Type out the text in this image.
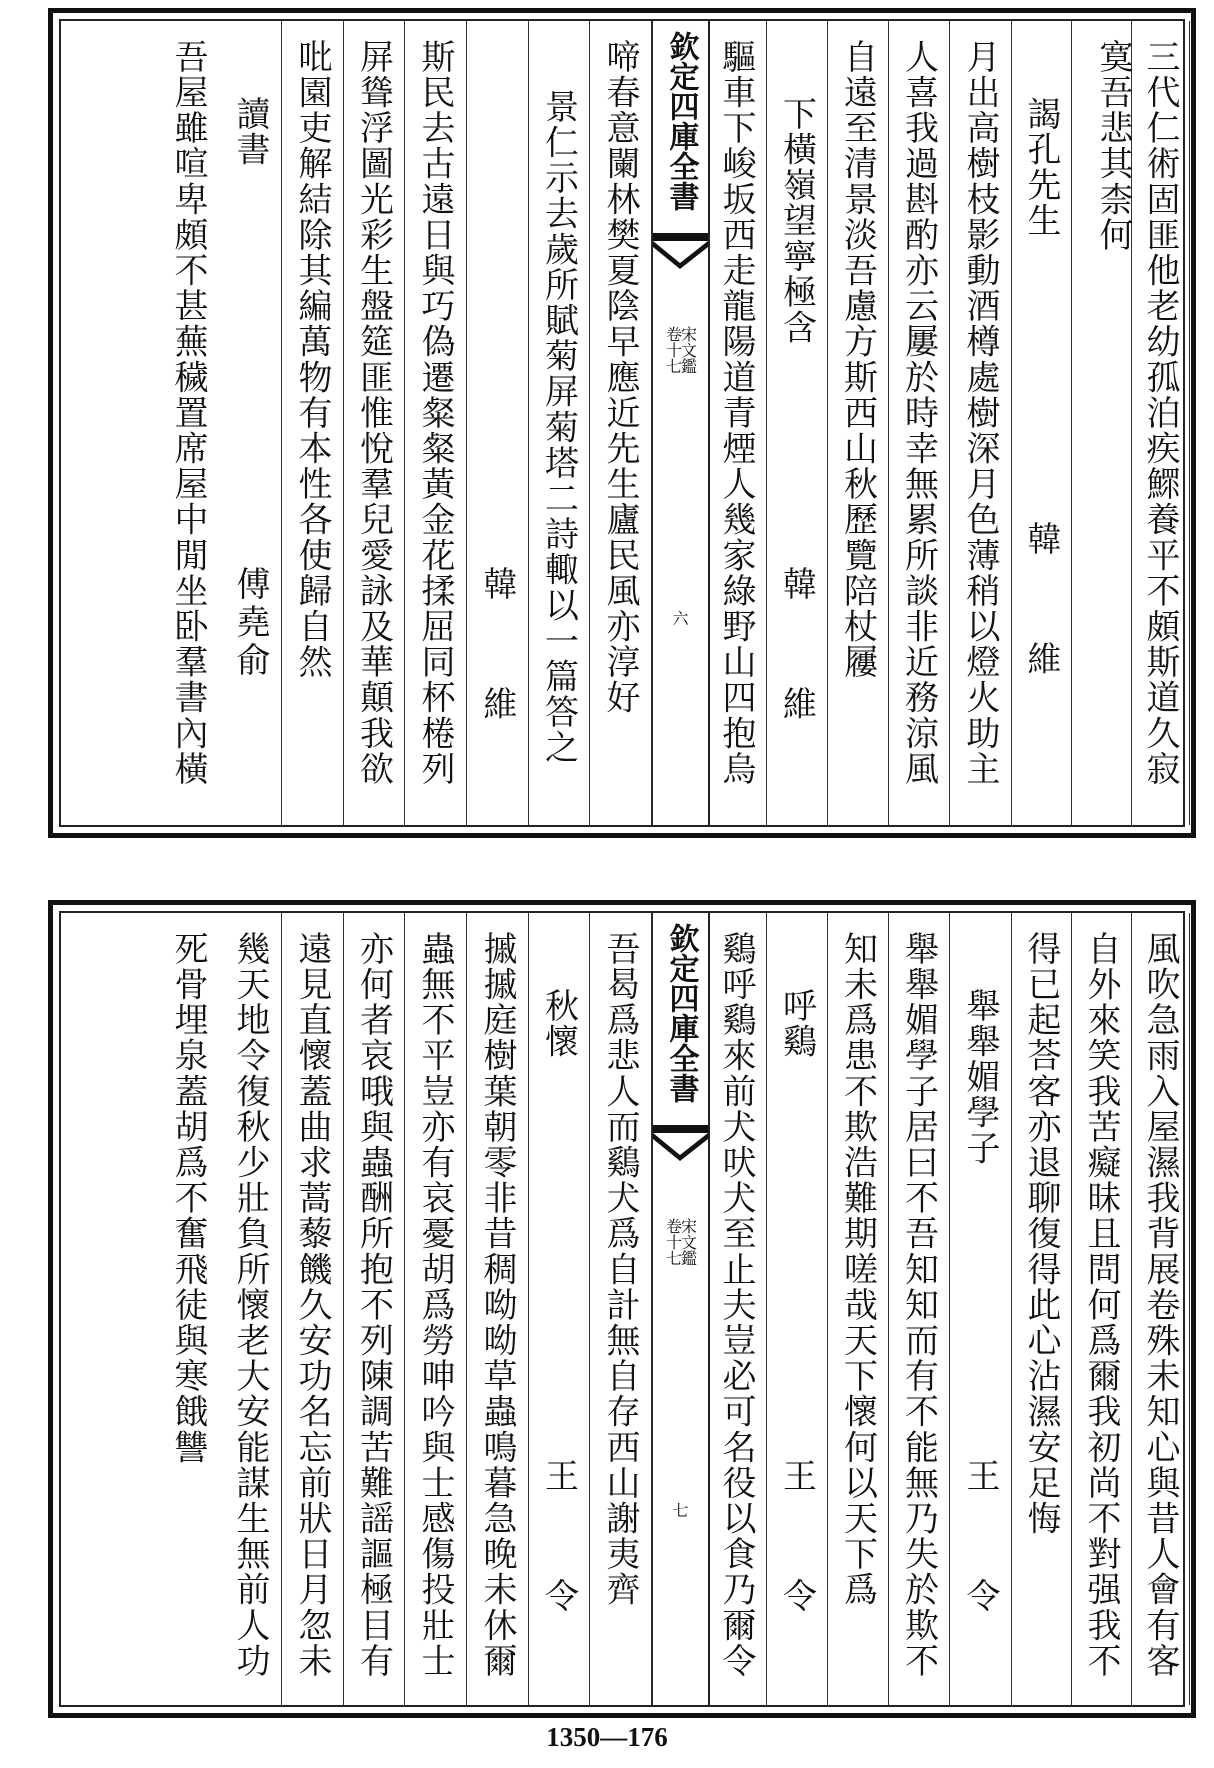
三代仁術固匪他老幼孤泊疾鰥養平不頗斯道久寂
寞吾悲其柰何
謁孔先生
韓　維
月出高樹枝影動酒樽處樹深月色薄稍以燈火助主
人喜我過斟酌亦云屢於時幸無累所談非近務涼風
自遠至清景淡吾慮方斯西山秋歷覽陪杖屨
下橫嶺望寧極含
韓　維
驅車下峻坂西走龍陽道青煙人幾家綠野山四抱烏
欽定四庫全書
宋文鑑
卷十七
六
啼春意闌林樊夏陰早應近先生廬民風亦淳好
景仁示去歲所賦菊屏菊塔二詩輙以一篇答之
韓　維
斯民去古遠日與巧偽遷粲粲黃金花揉屈同杯棬列
屏聳浮圖光彩生盤筵匪惟悅羣兒愛詠及華顛我欲
吡園吏解結除其編萬物有本性各使歸自然
讀書
傅堯俞
吾屋雖喧卑頗不甚蕪穢置席屋中閒坐卧羣書內橫
風吹急雨入屋濕我背展卷殊未知心與昔人會有客
自外來笑我苦癡昧且問何爲爾我初尚不對强我不
得已起荅客亦退聊復得此心沾濕安足悔
舉舉媚學子
王　令
舉舉媚學子居曰不吾知知而有不能無乃失於欺不
知未爲患不欺浩難期嗟哉天下懷何以天下爲
呼鷄
王　令
鷄呼鷄來前犬吠犬至止夫豈必可名役以食乃爾令
欽定四庫全書
宋文鑑
卷十七
七
吾曷爲悲人而鷄犬爲自計無自存西山謝夷齊
秋懷
王　令
摵摵庭樹葉朝零非昔稠呦呦草蟲鳴暮急晚未休爾
蟲無不平豈亦有哀憂胡爲勞呻吟與士感傷投壯士
亦何者哀哦與蟲酬所抱不列陳調苦難謡謳極目有
遠見直懷蓋曲求蒿藜饑久安功名忘前狀日月忽未
幾天地令復秋少壯負所懷老大安能謀生無前人功
死骨埋泉蓋胡爲不奮飛徒與寒餓讐
1350—176
